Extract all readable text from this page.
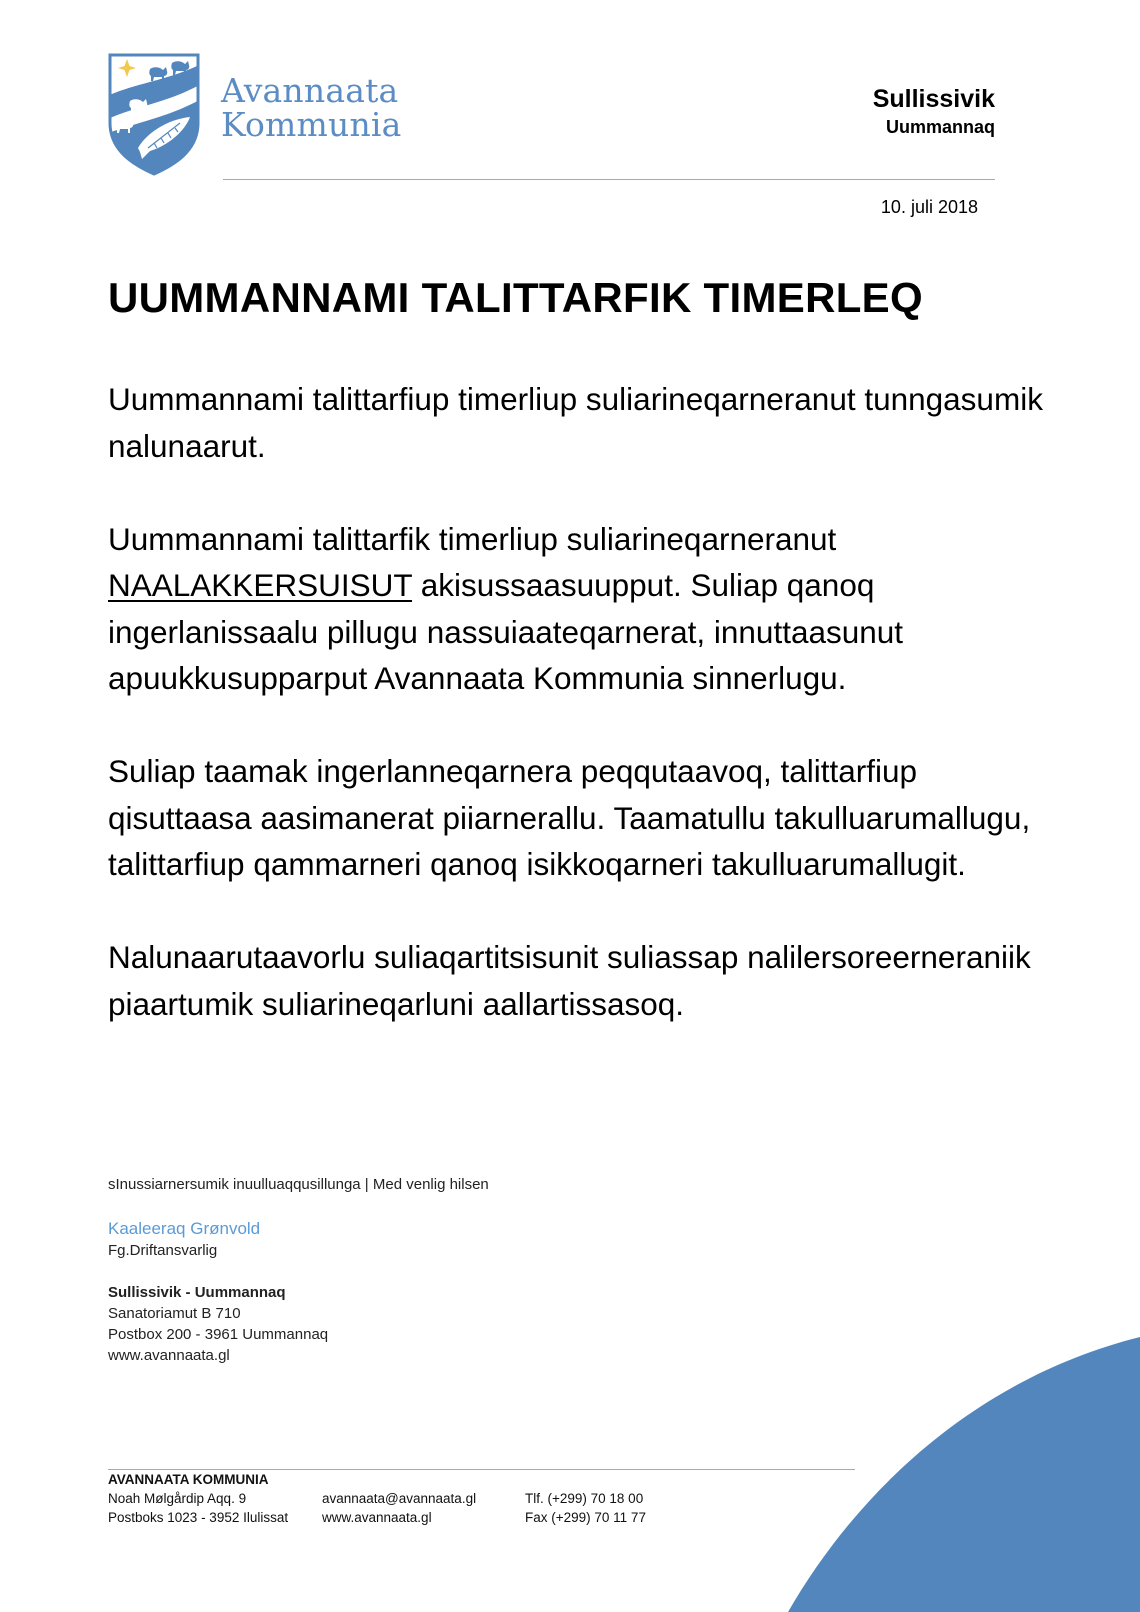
Avannaata
Kommunia
Sullissivik
Uummannaq
10. juli 2018
UUMMANNAMI TALITTARFIK TIMERLEQ

Uummannami talittarfiup timerliup suliarineqarneranut tunngasumik nalunaarut.

Uummannami talittarfik timerliup suliarineqarneranut NAALAKKERSUISUT akisussaasuupput. Suliap qanoq ingerlanissaalu pillugu nassuiaateqarnerat, innuttaasunut apuukkusupparput Avannaata Kommunia sinnerlugu.

Suliap taamak ingerlanneqarnera peqqutaavoq, talittarfiup qisuttaasa aasimanerat piiarnerallu. Taamatullu takulluarumallugu, talittarfiup qammarneri qanoq isikkoqarneri takulluarumallugit.

Nalunaarutaavorlu suliaqartitsisunit suliassap nalilersoreerneraniik piaartumik suliarineqarluni aallartissasoq.

sInussiarnersumik inuulluaqqusillunga | Med venlig hilsen
Kaaleeraq Grønvold
Fg.Driftansvarlig
Sullissivik - Uummannaq
Sanatoriamut B 710
Postbox 200 - 3961 Uummannaq
www.avannaata.gl
AVANNAATA KOMMUNIA
Noah Mølgårdip Aqq. 9
Postboks 1023 - 3952 Ilulissat
avannaata@avannaata.gl
www.avannaata.gl
Tlf. (+299) 70 18 00
Fax (+299) 70 11 77
